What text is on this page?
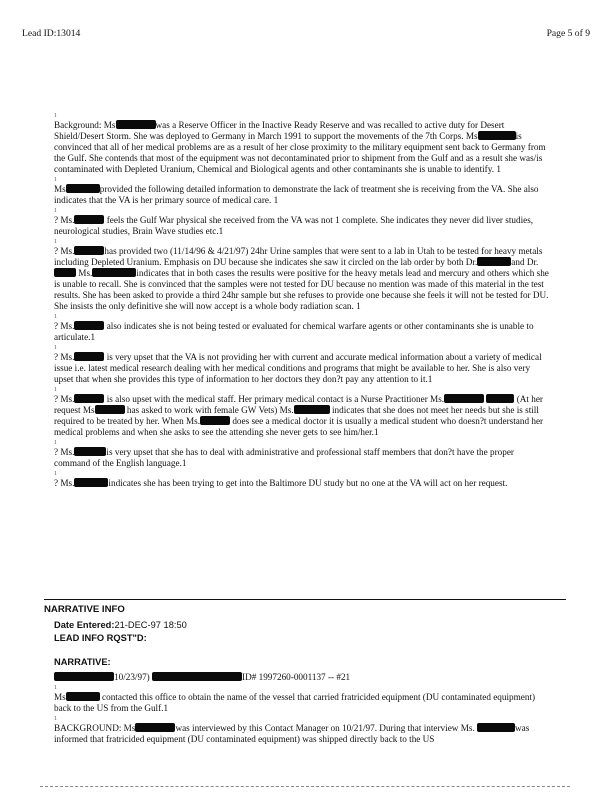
Lead ID:13014	Page 5 of 9
1

Background: Ms	was a Reserve Officer in the Inactive Ready Reserve and was recalled to active duty for Desert Shield/Desert Storm. She was deployed to Germany in March 1991 to support the movements of the 7th Corps. Ms	is convinced that all of her medical problems are as a result of her close proximity to the military equipment sent back to Germany from the Gulf. She contends that most of the equipment was not decontaminated prior to shipment from the Gulf and as a result she was/is contaminated with Depleted Uranium, Chemical and Biological agents and other contaminants she is unable to identify. 1

1

Ms	provided the following detailed information to demonstrate the lack of treatment she is receiving from the VA. She also indicates that the VA is her primary source of medical care. 1

1

? Ms.	feels the Gulf War physical she received from the VA was not 1 complete. She indicates they never did liver studies, neurological studies, Brain Wave studies etc.1

1

? Ms.	has provided two (11/14/96 & 4/21/97) 24hr Urine samples that were sent to a lab in Utah to be tested for heavy metals including Depleted Uranium. Emphasis on DU because she indicates she saw it circled on the lab order by both Dr.	and Dr. Ms.	indicates that in both cases the results were positive for the heavy metals lead and mercury and others which she is unable to recall. She is convinced that the samples were not tested for DU because no mention was made of this material in the test results. She has been asked to provide a third 24hr sample but she refuses to provide one because she feels it will not be tested for DU. She insists the only definitive she will now accept is a whole body radiation scan. 1

1

? Ms.	also indicates she is not being tested or evaluated for chemical warfare agents or other contaminants she is unable to articulate.1

1

? Ms.	is very upset that the VA is not providing her with current and accurate medical information about a variety of medical issue i.e. latest medical research dealing with her medical conditions and programs that might be available to her. She is also very upset that when she provides this type of information to her doctors they don?t pay any attention to it.1

1

? Ms.	is also upset with the medical staff. Her primary medical contact is a Nurse Practitioner Ms.	(At her request Ms	has asked to work with female GW Vets) Ms.	indicates that she does not meet her needs but she is still required to be treated by her. When Ms.	does see a medical doctor it is usually a medical student who doesn?t understand her medical problems and when she asks to see the attending she never gets to see him/her.1

1

? Ms.	is very upset that she has to deal with administrative and professional staff members that don?t have the proper command of the English language.1

1

? Ms.	indicates she has been trying to get into the Baltimore DU study but no one at the VA will act on her request.

NARRATIVE INFO
Date Entered:21-DEC-97 18:50
LEAD INFO RQST"D:
NARRATIVE:

10/23/97)	ID# 1997260-0001137 -- #21

1

Ms	contacted this office to obtain the name of the vessel that carried fratricided equipment (DU contaminated equipment) back to the US from the Gulf.1

1

BACKGROUND: Ms	was interviewed by this Contact Manager on 10/21/97. During that interview Ms.	was informed that fratricided equipment (DU contaminated equipment) was shipped directly back to the US
